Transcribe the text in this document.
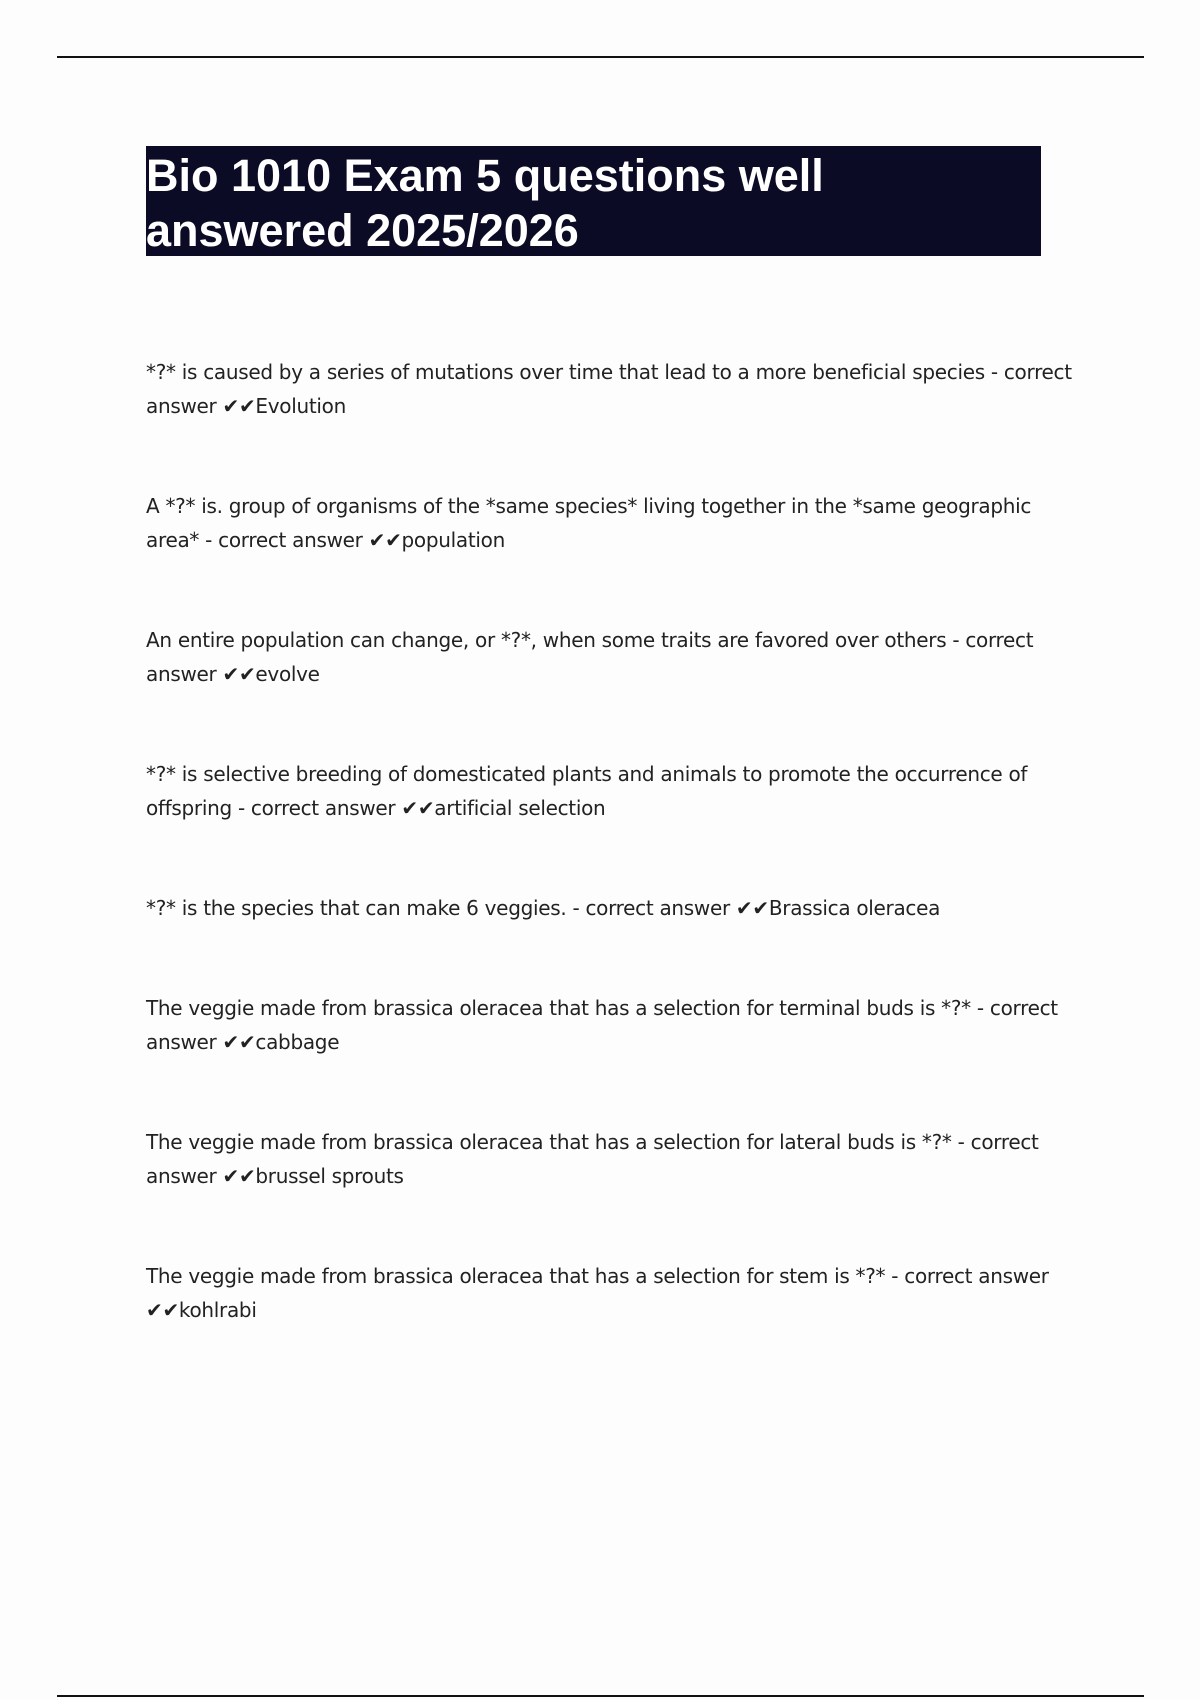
Bio 1010 Exam 5 questions well
answered 2025/2026
*?* is caused by a series of mutations over time that lead to a more beneficial species - correct answer ✔✔Evolution
A *?* is. group of organisms of the *same species* living together in the *same geographic area* - correct answer ✔✔population
An entire population can change, or *?*, when some traits are favored over others - correct answer ✔✔evolve
*?* is selective breeding of domesticated plants and animals to promote the occurrence of offspring - correct answer ✔✔artificial selection
*?* is the species that can make 6 veggies. - correct answer ✔✔Brassica oleracea
The veggie made from brassica oleracea that has a selection for terminal buds is *?* - correct answer ✔✔cabbage
The veggie made from brassica oleracea that has a selection for lateral buds is *?* - correct answer ✔✔brussel sprouts
The veggie made from brassica oleracea that has a selection for stem is *?* - correct answer ✔✔kohlrabi
